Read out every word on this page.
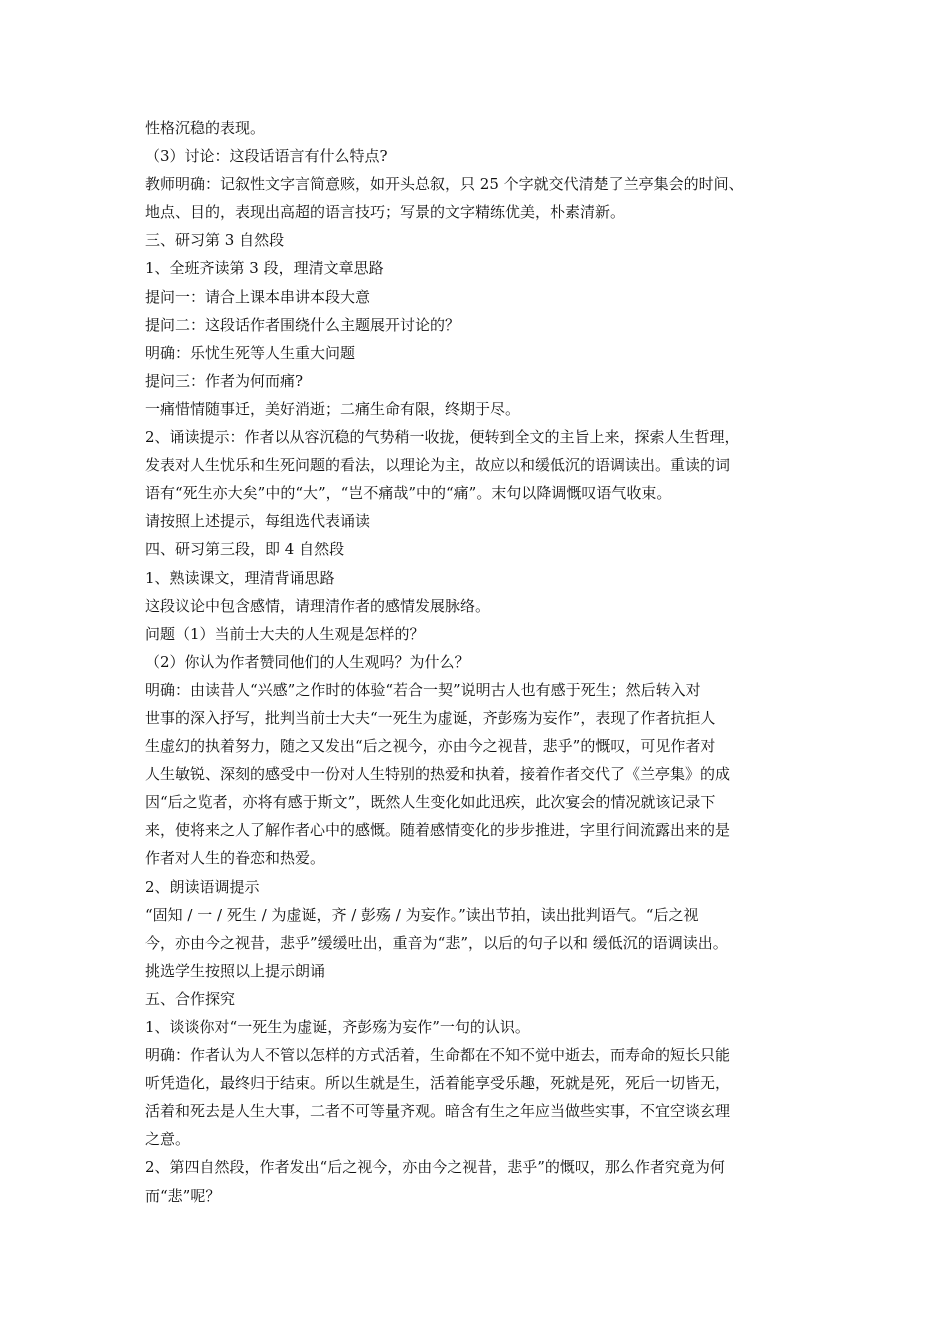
性格沉稳的表现。
（3）讨论：这段话语言有什么特点?
教师明确：记叙性文字言简意赅，如开头总叙，只 25 个字就交代清楚了兰亭集会的时间、
地点、目的，表现出高超的语言技巧；写景的文字精练优美，朴素清新。
三、研习第 3 自然段
1、全班齐读第 3 段，理清文章思路
提问一：请合上课本串讲本段大意
提问二：这段话作者围绕什么主题展开讨论的？
明确：乐忧生死等人生重大问题
提问三：作者为何而痛?
一痛惜情随事迁，美好消逝；二痛生命有限，终期于尽。
2、诵读提示：作者以从容沉稳的气势稍一收拢，便转到全文的主旨上来，探索人生哲理，
发表对人生忧乐和生死问题的看法，以理论为主，故应以和缓低沉的语调读出。重读的词
语有“死生亦大矣”中的“大”，“岂不痛哉”中的“痛”。末句以降调慨叹语气收束。
请按照上述提示，每组选代表诵读
四、研习第三段，即 4 自然段
1、熟读课文，理清背诵思路
这段议论中包含感情，请理清作者的感情发展脉络。
问题（1）当前士大夫的人生观是怎样的？
（2）你认为作者赞同他们的人生观吗？为什么？
明确：由读昔人“兴感”之作时的体验“若合一契”说明古人也有感于死生；然后转入对
世事的深入抒写，批判当前士大夫“一死生为虚诞，齐彭殇为妄作”，表现了作者抗拒人
生虚幻的执着努力，随之又发出“后之视今，亦由今之视昔，悲乎”的慨叹，可见作者对
人生敏锐、深刻的感受中一份对人生特别的热爱和执着，接着作者交代了《兰亭集》的成
因“后之览者，亦将有感于斯文”，既然人生变化如此迅疾，此次宴会的情况就该记录下
来，使将来之人了解作者心中的感慨。随着感情变化的步步推进，字里行间流露出来的是
作者对人生的眷恋和热爱。
2、朗读语调提示
“固知 / 一 / 死生 / 为虚诞，齐 / 彭殇 / 为妄作。”读出节拍，读出批判语气。“后之视
今，亦由今之视昔，悲乎”缓缓吐出，重音为“悲”，以后的句子以和 缓低沉的语调读出。
挑选学生按照以上提示朗诵
五、合作探究
1、谈谈你对“一死生为虚诞，齐彭殇为妄作”一句的认识。
明确：作者认为人不管以怎样的方式活着，生命都在不知不觉中逝去，而寿命的短长只能
听凭造化，最终归于结束。所以生就是生，活着能享受乐趣，死就是死，死后一切皆无，
活着和死去是人生大事，二者不可等量齐观。暗含有生之年应当做些实事，不宜空谈玄理
之意。
2、第四自然段，作者发出“后之视今，亦由今之视昔，悲乎”的慨叹，那么作者究竟为何
而“悲”呢？
